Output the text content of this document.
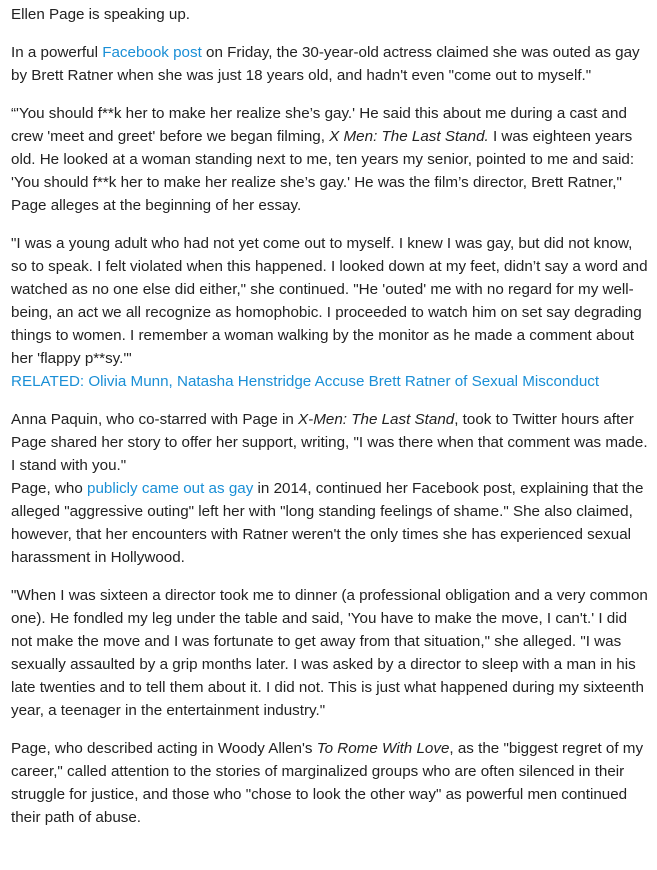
Ellen Page is speaking up.

In a powerful Facebook post on Friday, the 30-year-old actress claimed she was outed as gay by Brett Ratner when she was just 18 years old, and hadn't even "come out to myself."

“'You should f**k her to make her realize she’s gay.' He said this about me during a cast and crew 'meet and greet' before we began filming, X Men: The Last Stand. I was eighteen years old. He looked at a woman standing next to me, ten years my senior, pointed to me and said: 'You should f**k her to make her realize she’s gay.' He was the film’s director, Brett Ratner," Page alleges at the beginning of her essay.

"I was a young adult who had not yet come out to myself. I knew I was gay, but did not know, so to speak. I felt violated when this happened. I looked down at my feet, didn’t say a word and watched as no one else did either," she continued. "He 'outed' me with no regard for my well-being, an act we all recognize as homophobic. I proceeded to watch him on set say degrading things to women. I remember a woman walking by the monitor as he made a comment about her 'flappy p**sy.'"
RELATED: Olivia Munn, Natasha Henstridge Accuse Brett Ratner of Sexual Misconduct

Anna Paquin, who co-starred with Page in X-Men: The Last Stand, took to Twitter hours after Page shared her story to offer her support, writing, "I was there when that comment was made. I stand with you."

Page, who publicly came out as gay in 2014, continued her Facebook post, explaining that the alleged "aggressive outing" left her with "long standing feelings of shame." She also claimed, however, that her encounters with Ratner weren't the only times she has experienced sexual harassment in Hollywood.

"When I was sixteen a director took me to dinner (a professional obligation and a very common one). He fondled my leg under the table and said, 'You have to make the move, I can't.' I did not make the move and I was fortunate to get away from that situation," she alleged. "I was sexually assaulted by a grip months later. I was asked by a director to sleep with a man in his late twenties and to tell them about it. I did not. This is just what happened during my sixteenth year, a teenager in the entertainment industry."

Page, who described acting in Woody Allen's To Rome With Love, as the "biggest regret of my career," called attention to the stories of marginalized groups who are often silenced in their struggle for justice, and those who "chose to look the other way" as powerful men continued their path of abuse.
